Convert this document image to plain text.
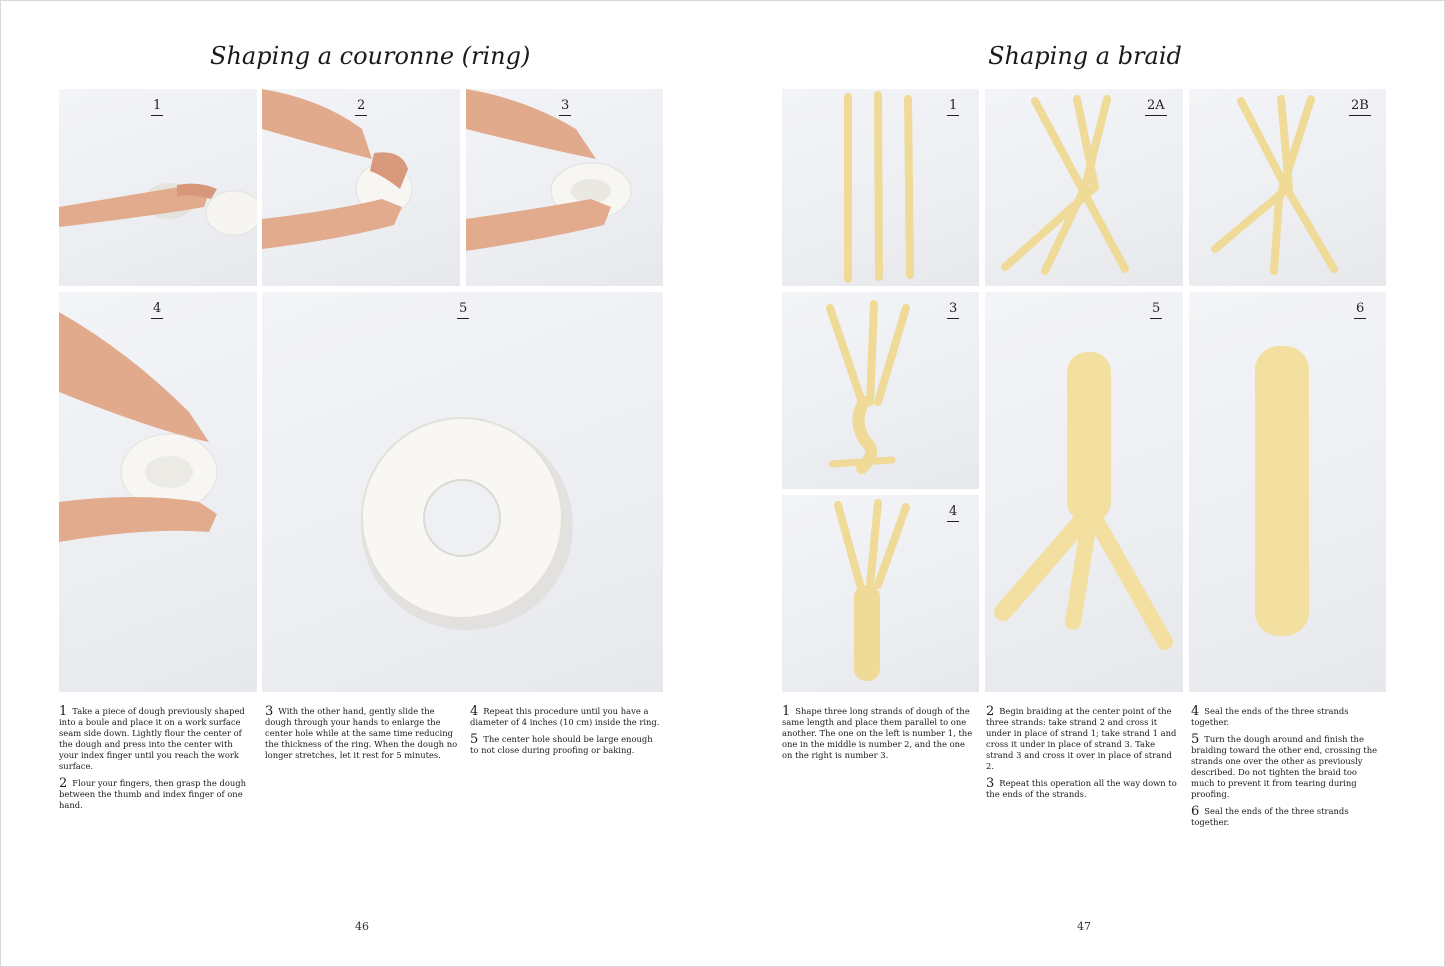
Shaping a couronne (ring)
1	2	3
4	5
1 Take a piece of dough previously shaped into a boule and place it on a work surface seam side down. Lightly flour the center of the dough and press into the center with your index finger until you reach the work surface.
2 Flour your fingers, then grasp the dough between the thumb and index finger of one hand.
3 With the other hand, gently slide the dough through your hands to enlarge the center hole while at the same time reducing the thickness of the ring. When the dough no longer stretches, let it rest for 5 minutes.
4 Repeat this procedure until you have a diameter of 4 inches (10 cm) inside the ring.
5 The center hole should be large enough to not close during proofing or baking.
46
Shaping a braid
1	2A	2B
3
4
5	6
1 Shape three long strands of dough of the same length and place them parallel to one another. The one on the left is number 1, the one in the middle is number 2, and the one on the right is number 3.
2 Begin braiding at the center point of the three strands: take strand 2 and cross it under in place of strand 1; take strand 1 and cross it under in place of strand 3. Take strand 3 and cross it over in place of strand 2.
3 Repeat this operation all the way down to the ends of the strands.
4 Seal the ends of the three strands together.
5 Turn the dough around and finish the braiding toward the other end, crossing the strands one over the other as previously described. Do not tighten the braid too much to prevent it from tearing during proofing.
6 Seal the ends of the three strands together.
47
